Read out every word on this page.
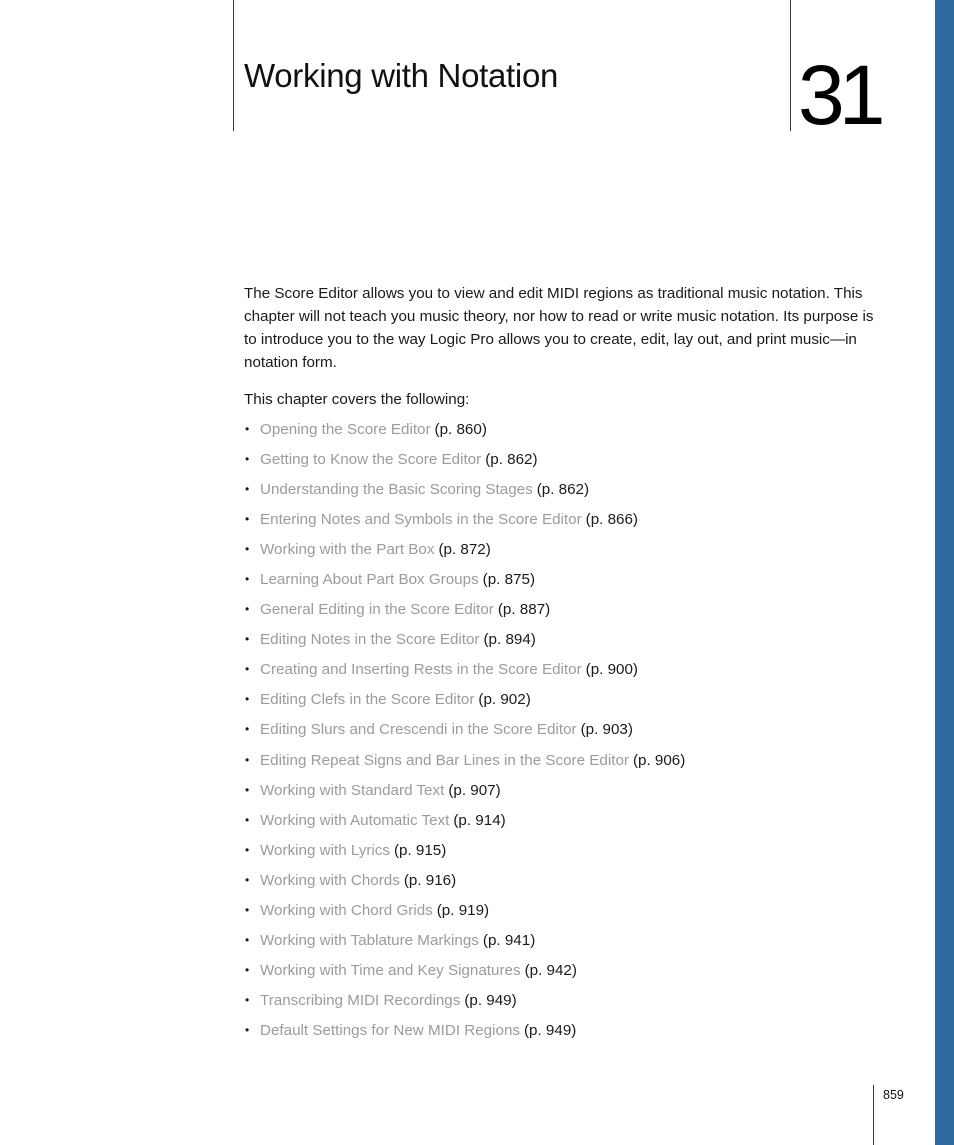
Working with Notation	31

The Score Editor allows you to view and edit MIDI regions as traditional music notation. This chapter will not teach you music theory, nor how to read or write music notation. Its purpose is to introduce you to the way Logic Pro allows you to create, edit, lay out, and print music—in notation form.

This chapter covers the following:

• Opening the Score Editor (p. 860)
• Getting to Know the Score Editor (p. 862)
• Understanding the Basic Scoring Stages (p. 862)
• Entering Notes and Symbols in the Score Editor (p. 866)
• Working with the Part Box (p. 872)
• Learning About Part Box Groups (p. 875)
• General Editing in the Score Editor (p. 887)
• Editing Notes in the Score Editor (p. 894)
• Creating and Inserting Rests in the Score Editor (p. 900)
• Editing Clefs in the Score Editor (p. 902)
• Editing Slurs and Crescendi in the Score Editor (p. 903)
• Editing Repeat Signs and Bar Lines in the Score Editor (p. 906)
• Working with Standard Text (p. 907)
• Working with Automatic Text (p. 914)
• Working with Lyrics (p. 915)
• Working with Chords (p. 916)
• Working with Chord Grids (p. 919)
• Working with Tablature Markings (p. 941)
• Working with Time and Key Signatures (p. 942)
• Transcribing MIDI Recordings (p. 949)
• Default Settings for New MIDI Regions (p. 949)
859
